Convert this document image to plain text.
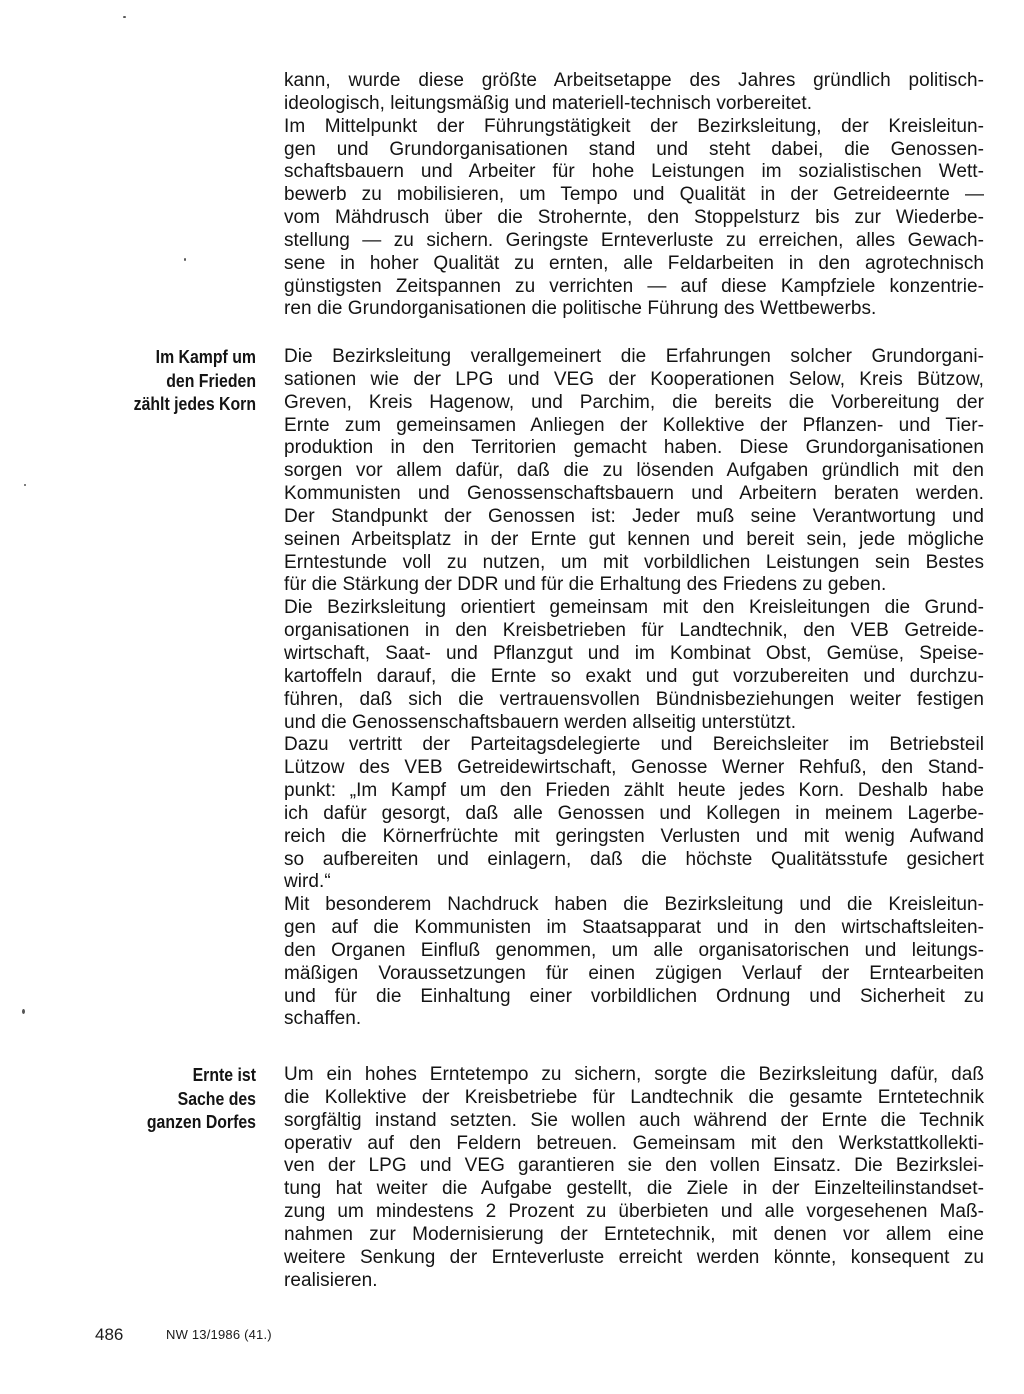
kann, wurde diese größte Arbeitsetappe des Jahres gründlich politisch-
ideologisch, leitungsmäßig und materiell-technisch vorbereitet.
Im Mittelpunkt der Führungstätigkeit der Bezirksleitung, der Kreisleitun-
gen und Grundorganisationen stand und steht dabei, die Genossen-
schaftsbauern und Arbeiter für hohe Leistungen im sozialistischen Wett-
bewerb zu mobilisieren, um Tempo und Qualität in der Getreideernte —
vom Mähdrusch über die Strohernte, den Stoppelsturz bis zur Wiederbe-
stellung — zu sichern. Geringste Ernteverluste zu erreichen, alles Gewach-
sene in hoher Qualität zu ernten, alle Feldarbeiten in den agrotechnisch
günstigsten Zeitspannen zu verrichten — auf diese Kampfziele konzentrie-
ren die Grundorganisationen die politische Führung des Wettbewerbs.
Im Kampf um
den Frieden
zählt jedes Korn
Die Bezirksleitung verallgemeinert die Erfahrungen solcher Grundorgani-
sationen wie der LPG und VEG der Kooperationen Selow, Kreis Bützow,
Greven, Kreis Hagenow, und Parchim, die bereits die Vorbereitung der
Ernte zum gemeinsamen Anliegen der Kollektive der Pflanzen- und Tier-
produktion in den Territorien gemacht haben. Diese Grundorganisationen
sorgen vor allem dafür, daß die zu lösenden Aufgaben gründlich mit den
Kommunisten und Genossenschaftsbauern und Arbeitern beraten werden.
Der Standpunkt der Genossen ist: Jeder muß seine Verantwortung und
seinen Arbeitsplatz in der Ernte gut kennen und bereit sein, jede mögliche
Erntestunde voll zu nutzen, um mit vorbildlichen Leistungen sein Bestes
für die Stärkung der DDR und für die Erhaltung des Friedens zu geben.
Die Bezirksleitung orientiert gemeinsam mit den Kreisleitungen die Grund-
organisationen in den Kreisbetrieben für Landtechnik, den VEB Getreide-
wirtschaft, Saat- und Pflanzgut und im Kombinat Obst, Gemüse, Speise-
kartoffeln darauf, die Ernte so exakt und gut vorzubereiten und durchzu-
führen, daß sich die vertrauensvollen Bündnisbeziehungen weiter festigen
und die Genossenschaftsbauern werden allseitig unterstützt.
Dazu vertritt der Parteitagsdelegierte und Bereichsleiter im Betriebsteil
Lützow des VEB Getreidewirtschaft, Genosse Werner Rehfuß, den Stand-
punkt: „Im Kampf um den Frieden zählt heute jedes Korn. Deshalb habe
ich dafür gesorgt, daß alle Genossen und Kollegen in meinem Lagerbe-
reich die Körnerfrüchte mit geringsten Verlusten und mit wenig Aufwand
so aufbereiten und einlagern, daß die höchste Qualitätsstufe gesichert
wird.“
Mit besonderem Nachdruck haben die Bezirksleitung und die Kreisleitun-
gen auf die Kommunisten im Staatsapparat und in den wirtschaftsleiten-
den Organen Einfluß genommen, um alle organisatorischen und leitungs-
mäßigen Voraussetzungen für einen zügigen Verlauf der Erntearbeiten
und für die Einhaltung einer vorbildlichen Ordnung und Sicherheit zu
schaffen.
Ernte ist
Sache des
ganzen Dorfes
Um ein hohes Erntetempo zu sichern, sorgte die Bezirksleitung dafür, daß
die Kollektive der Kreisbetriebe für Landtechnik die gesamte Erntetechnik
sorgfältig instand setzten. Sie wollen auch während der Ernte die Technik
operativ auf den Feldern betreuen. Gemeinsam mit den Werkstattkollekti-
ven der LPG und VEG garantieren sie den vollen Einsatz. Die Bezirkslei-
tung hat weiter die Aufgabe gestellt, die Ziele in der Einzelteilinstandset-
zung um mindestens 2 Prozent zu überbieten und alle vorgesehenen Maß-
nahmen zur Modernisierung der Erntetechnik, mit denen vor allem eine
weitere Senkung der Ernteverluste erreicht werden könnte, konsequent zu
realisieren.
486	NW 13/1986 (41.)
